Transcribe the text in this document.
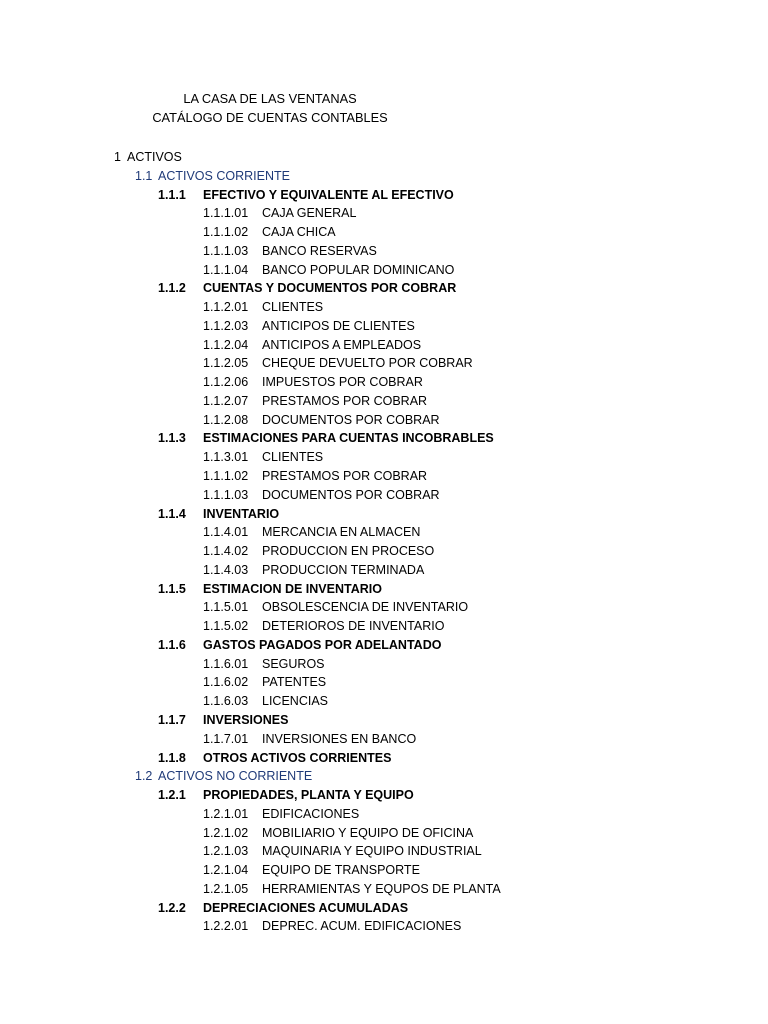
LA CASA DE LAS VENTANAS
CATÁLOGO DE CUENTAS CONTABLES
1 ACTIVOS
1.1 ACTIVOS CORRIENTE
1.1.1 EFECTIVO Y EQUIVALENTE AL EFECTIVO
1.1.1.01 CAJA GENERAL
1.1.1.02 CAJA CHICA
1.1.1.03 BANCO RESERVAS
1.1.1.04 BANCO POPULAR DOMINICANO
1.1.2 CUENTAS Y DOCUMENTOS POR COBRAR
1.1.2.01 CLIENTES
1.1.2.03 ANTICIPOS DE CLIENTES
1.1.2.04 ANTICIPOS A EMPLEADOS
1.1.2.05 CHEQUE DEVUELTO POR COBRAR
1.1.2.06 IMPUESTOS POR COBRAR
1.1.2.07 PRESTAMOS POR COBRAR
1.1.2.08 DOCUMENTOS POR COBRAR
1.1.3 ESTIMACIONES PARA CUENTAS INCOBRABLES
1.1.3.01 CLIENTES
1.1.1.02 PRESTAMOS POR COBRAR
1.1.1.03 DOCUMENTOS POR COBRAR
1.1.4 INVENTARIO
1.1.4.01 MERCANCIA EN ALMACEN
1.1.4.02 PRODUCCION EN PROCESO
1.1.4.03 PRODUCCION TERMINADA
1.1.5 ESTIMACION DE INVENTARIO
1.1.5.01 OBSOLESCENCIA DE INVENTARIO
1.1.5.02 DETERIOROS DE INVENTARIO
1.1.6 GASTOS PAGADOS POR ADELANTADO
1.1.6.01 SEGUROS
1.1.6.02 PATENTES
1.1.6.03 LICENCIAS
1.1.7 INVERSIONES
1.1.7.01 INVERSIONES EN BANCO
1.1.8 OTROS ACTIVOS CORRIENTES
1.2 ACTIVOS NO CORRIENTE
1.2.1 PROPIEDADES, PLANTA Y EQUIPO
1.2.1.01 EDIFICACIONES
1.2.1.02 MOBILIARIO Y EQUIPO DE OFICINA
1.2.1.03 MAQUINARIA Y EQUIPO INDUSTRIAL
1.2.1.04 EQUIPO DE TRANSPORTE
1.2.1.05 HERRAMIENTAS Y EQUPOS DE PLANTA
1.2.2 DEPRECIACIONES ACUMULADAS
1.2.2.01 DEPREC. ACUM. EDIFICACIONES
